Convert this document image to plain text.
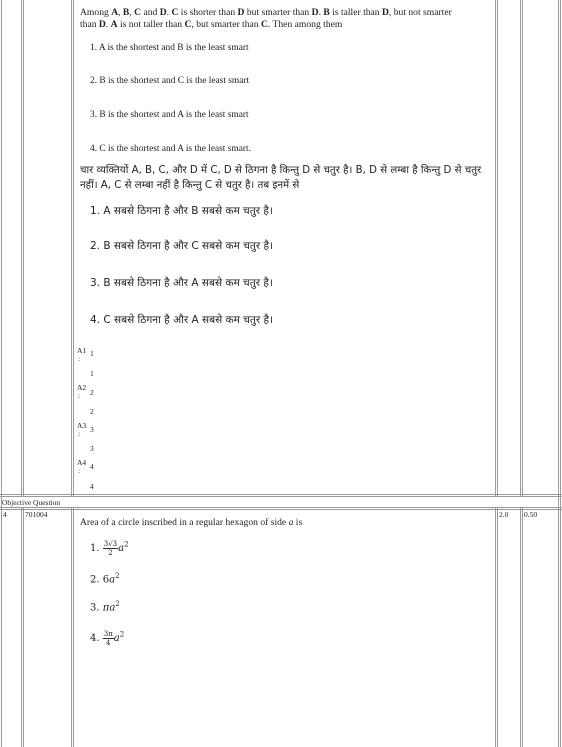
Among A, B, C and D. C is shorter than D but smarter than D. B is taller than D, but not smarter
than D. A is not taller than C, but smarter than C. Then among them
1. A is the shortest and B is the least smart
2. B is the shortest and C is the least smart
3. B is the shortest and A is the least smart
4. C is the shortest and A is the least smart.
चार व्यक्तियों A, B, C, और D में C, D से ठिगना है किन्तु D से चतुर है। B, D से लम्बा है किन्तु D से चतुर
नहीं। A, C से लम्बा नहीं है किन्तु C से चतुर है। तब इनमें से
1. A सबसे ठिगना है और B सबसे कम चतुर है।
2. B सबसे ठिगना है और C सबसे कम चतुर है।
3. B सबसे ठिगना है और A सबसे कम चतुर है।
4. C सबसे ठिगना है और A सबसे कम चतुर है।
A1
:
1
1
A2
: 2
2
A3
: 3
3
A4
: 4
4
Objective Question
4 701004	2.0 0.50
Area of a circle inscribed in a regular hexagon of side a is
1. $\frac{3√3}{2} a^2$
2. $6a^2$
3. $\pi a^2$
4. $\frac{3\pi}{4} a^2$
